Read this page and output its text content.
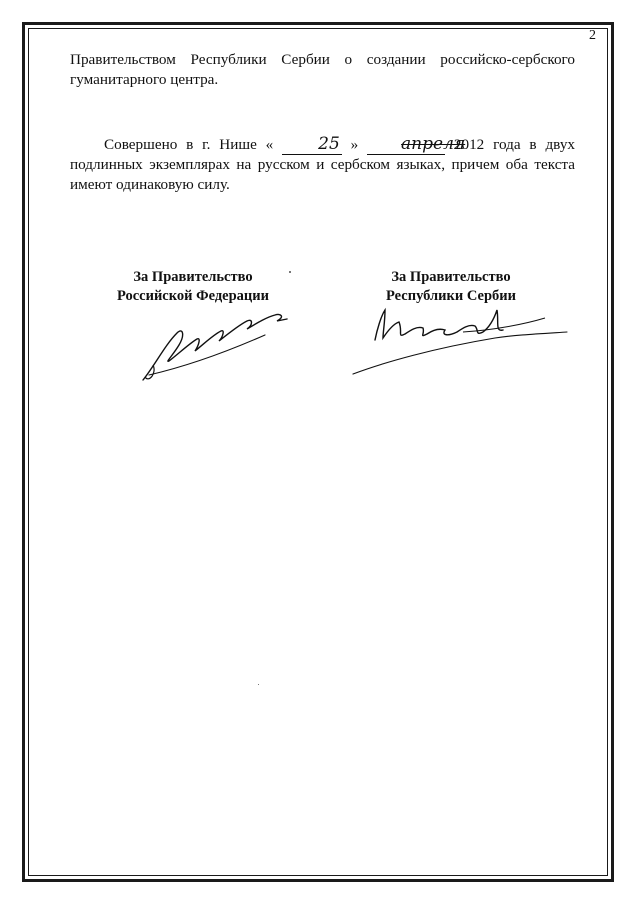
2

Правительством Республики Сербии о создании российско-сербского гуманитарного центра.

Совершено в г. Нише «	25 »	апреля 2012 года в двух подлинных экземплярах на русском и сербском языках, причем оба текста имеют одинаковую силу.

За Правительство
Российской Федерации
За Правительство
Республики Сербии
